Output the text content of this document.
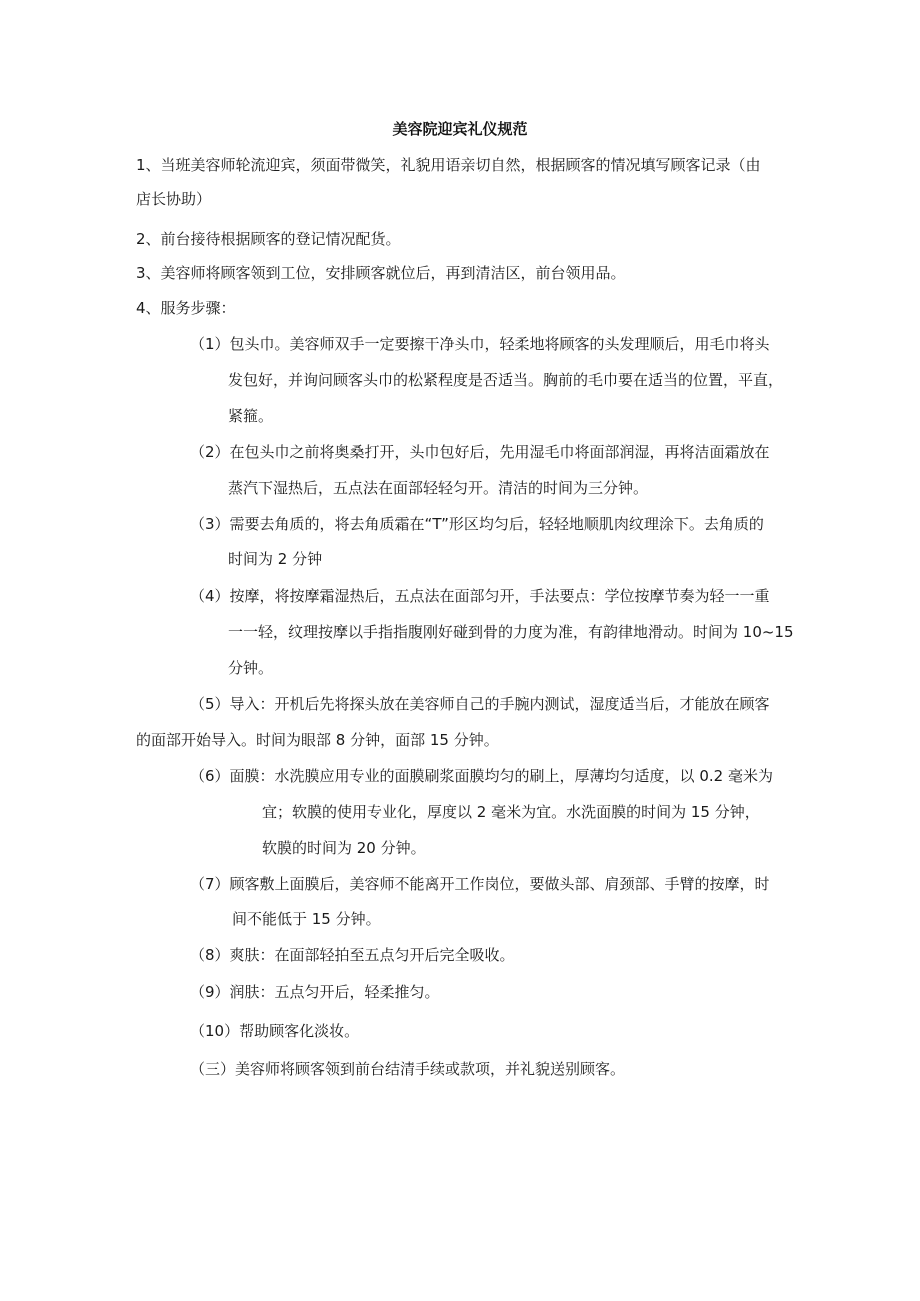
美容院迎宾礼仪规范
1、当班美容师轮流迎宾，须面带微笑，礼貌用语亲切自然，根据顾客的情况填写顾客记录（由
店长协助）
2、前台接待根据顾客的登记情况配货。
3、美容师将顾客领到工位，安排顾客就位后，再到清洁区，前台领用品。
4、服务步骤：
（1）包头巾。美容师双手一定要擦干净头巾，轻柔地将顾客的头发理顺后，用毛巾将头
发包好，并询问顾客头巾的松紧程度是否适当。胸前的毛巾要在适当的位置，平直，
紧箍。
（2）在包头巾之前将奥桑打开，头巾包好后，先用湿毛巾将面部润湿，再将洁面霜放在
蒸汽下湿热后，五点法在面部轻轻匀开。清洁的时间为三分钟。
（3）需要去角质的，将去角质霜在“T”形区均匀后，轻轻地顺肌肉纹理涂下。去角质的
时间为 2 分钟
（4）按摩，将按摩霜湿热后，五点法在面部匀开，手法要点：学位按摩节奏为轻一一重
一一轻，纹理按摩以手指指腹刚好碰到骨的力度为准，有韵律地滑动。时间为 10~15
分钟。
（5）导入：开机后先将探头放在美容师自己的手腕内测试，湿度适当后，才能放在顾客
的面部开始导入。时间为眼部 8 分钟，面部 15 分钟。
（6）面膜：水洗膜应用专业的面膜刷浆面膜均匀的刷上，厚薄均匀适度，以 0.2 毫米为
宜；软膜的使用专业化，厚度以 2 毫米为宜。水洗面膜的时间为 15 分钟，
软膜的时间为 20 分钟。
（7）顾客敷上面膜后，美容师不能离开工作岗位，要做头部、肩颈部、手臂的按摩，时
间不能低于 15 分钟。
（8）爽肤：在面部轻拍至五点匀开后完全吸收。
（9）润肤：五点匀开后，轻柔推匀。
（10）帮助顾客化淡妆。
（三）美容师将顾客领到前台结清手续或款项，并礼貌送别顾客。
